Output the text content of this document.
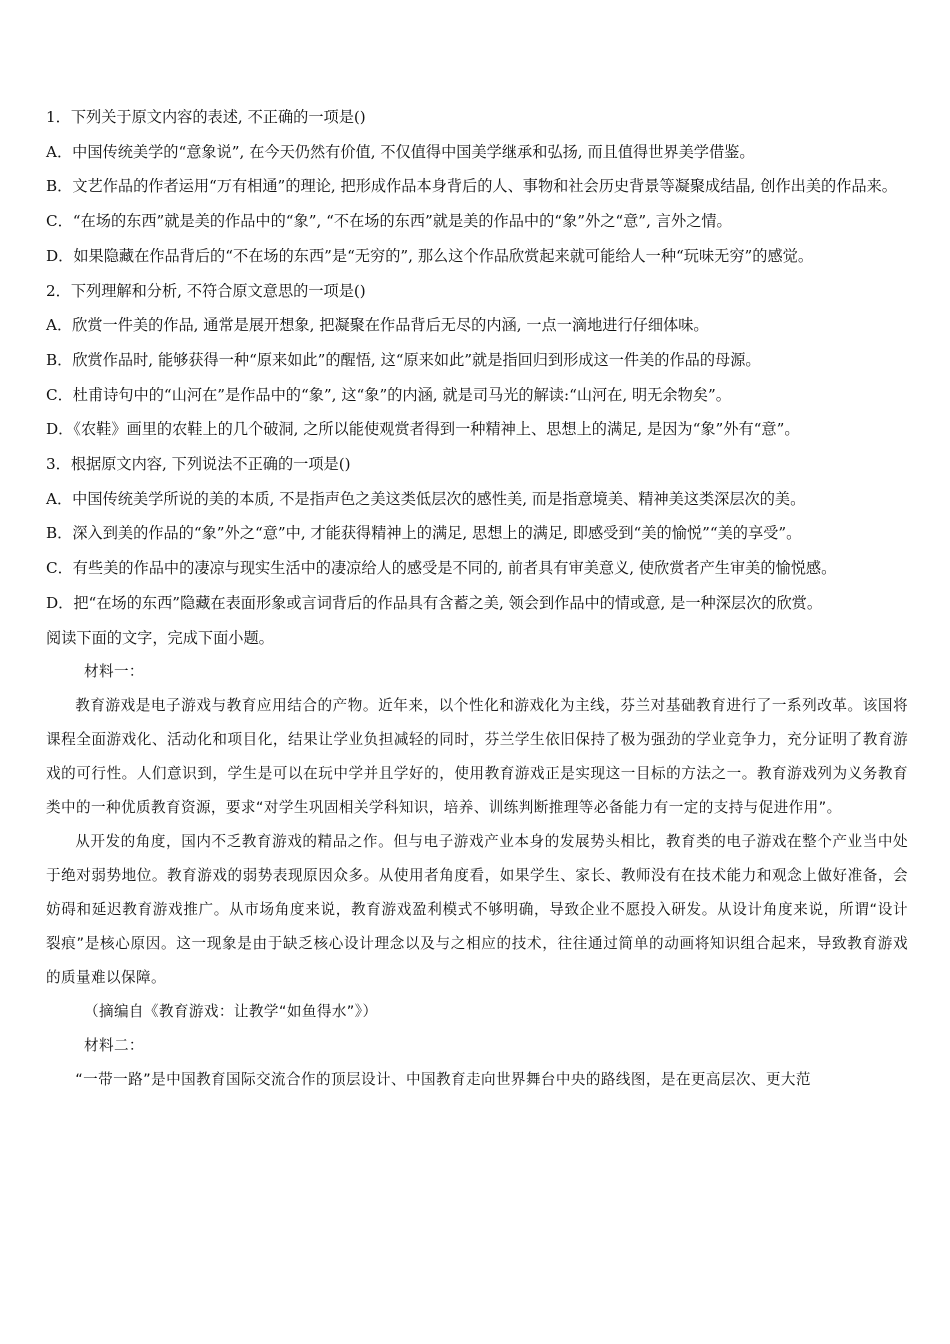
1．下列关于原文内容的表述, 不正确的一项是()
A．中国传统美学的“意象说”, 在今天仍然有价值, 不仅值得中国美学继承和弘扬, 而且值得世界美学借鉴。
B．文艺作品的作者运用“万有相通”的理论, 把形成作品本身背后的人、事物和社会历史背景等凝聚成结晶, 创作出美的作品来。
C．“在场的东西”就是美的作品中的“象”, “不在场的东西”就是美的作品中的“象”外之“意”, 言外之情。
D．如果隐藏在作品背后的“不在场的东西”是“无穷的”, 那么这个作品欣赏起来就可能给人一种“玩味无穷”的感觉。
2．下列理解和分析, 不符合原文意思的一项是()
A．欣赏一件美的作品, 通常是展开想象, 把凝聚在作品背后无尽的内涵, 一点一滴地进行仔细体味。
B．欣赏作品时, 能够获得一种“原来如此”的醒悟, 这“原来如此”就是指回归到形成这一件美的作品的母源。
C．杜甫诗句中的“山河在”是作品中的“象”, 这“象”的内涵, 就是司马光的解读:“山河在, 明无余物矣”。
D．《农鞋》画里的农鞋上的几个破洞, 之所以能使观赏者得到一种精神上、思想上的满足, 是因为“象”外有“意”。
3．根据原文内容, 下列说法不正确的一项是()
A．中国传统美学所说的美的本质, 不是指声色之美这类低层次的感性美, 而是指意境美、精神美这类深层次的美。
B．深入到美的作品的“象”外之“意”中, 才能获得精神上的满足, 思想上的满足, 即感受到“美的愉悦”“美的享受”。
C．有些美的作品中的凄凉与现实生活中的凄凉给人的感受是不同的, 前者具有审美意义, 使欣赏者产生审美的愉悦感。
D．把“在场的东西”隐藏在表面形象或言词背后的作品具有含蓄之美, 领会到作品中的情或意, 是一种深层次的欣赏。
阅读下面的文字，完成下面小题。
材料一：
教育游戏是电子游戏与教育应用结合的产物。近年来，以个性化和游戏化为主线，芬兰对基础教育进行了一系列改革。该国将课程全面游戏化、活动化和项目化，结果让学业负担减轻的同时，芬兰学生依旧保持了极为强劲的学业竞争力，充分证明了教育游戏的可行性。人们意识到，学生是可以在玩中学并且学好的，使用教育游戏正是实现这一目标的方法之一。教育游戏列为义务教育类中的一种优质教育资源，要求“对学生巩固相关学科知识，培养、训练判断推理等必备能力有一定的支持与促进作用”。
从开发的角度，国内不乏教育游戏的精品之作。但与电子游戏产业本身的发展势头相比，教育类的电子游戏在整个产业当中处于绝对弱势地位。教育游戏的弱势表现原因众多。从使用者角度看，如果学生、家长、教师没有在技术能力和观念上做好准备，会妨碍和延迟教育游戏推广。从市场角度来说，教育游戏盈利模式不够明确，导致企业不愿投入研发。从设计角度来说，所谓“设计裂痕”是核心原因。这一现象是由于缺乏核心设计理念以及与之相应的技术，往往通过简单的动画将知识组合起来，导致教育游戏的质量难以保障。
（摘编自《教育游戏：让教学“如鱼得水”》）
材料二：
“一带一路”是中国教育国际交流合作的顶层设计、中国教育走向世界舞台中央的路线图，是在更高层次、更大范
